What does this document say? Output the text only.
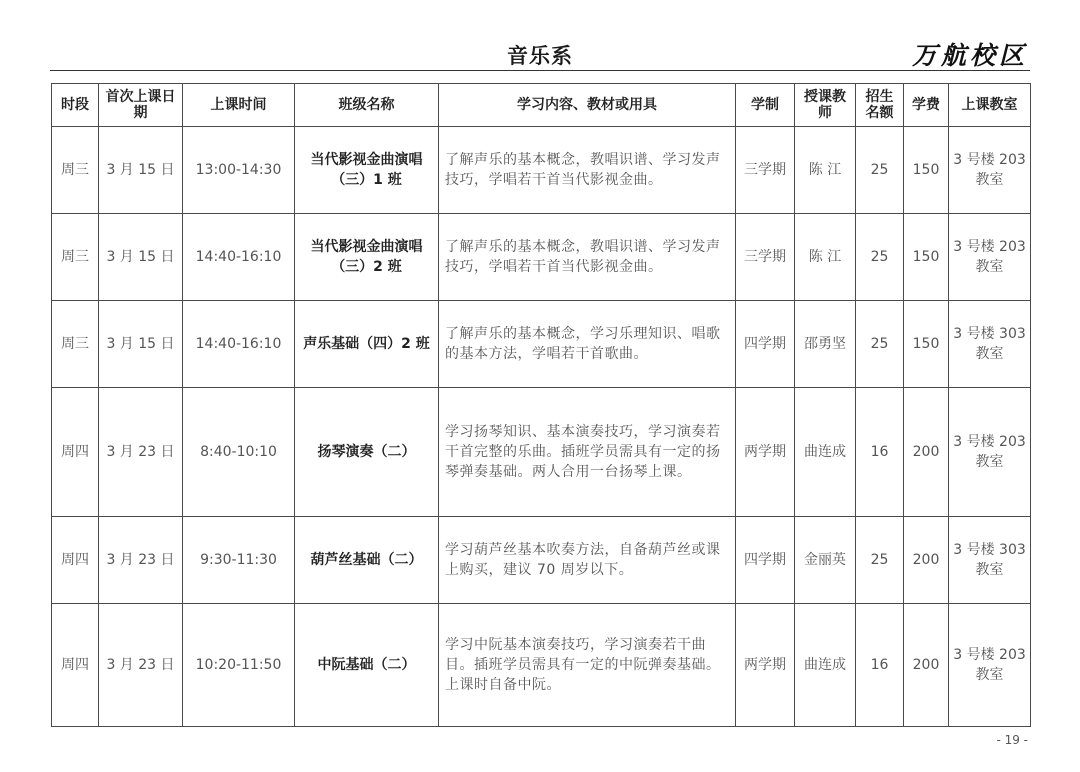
音乐系	万航校区
时段	首次上课日期	上课时间	班级名称	学习内容、教材或用具	学制	授课教师	招生名额	学费	上课教室
周三	3 月 15 日	13:00-14:30	当代影视金曲演唱（三）1 班	了解声乐的基本概念，教唱识谱、学习发声技巧，学唱若干首当代影视金曲。	三学期	陈 江	25	150	3 号楼 203 教室
周三	3 月 15 日	14:40-16:10	当代影视金曲演唱（三）2 班	了解声乐的基本概念，教唱识谱、学习发声技巧，学唱若干首当代影视金曲。	三学期	陈 江	25	150	3 号楼 203 教室
周三	3 月 15 日	14:40-16:10	声乐基础（四）2 班	了解声乐的基本概念，学习乐理知识、唱歌的基本方法，学唱若干首歌曲。	四学期	邵勇坚	25	150	3 号楼 303 教室
周四	3 月 23 日	8:40-10:10	扬琴演奏（二）	学习扬琴知识、基本演奏技巧，学习演奏若干首完整的乐曲。插班学员需具有一定的扬琴弹奏基础。两人合用一台扬琴上课。	两学期	曲连成	16	200	3 号楼 203 教室
周四	3 月 23 日	9:30-11:30	葫芦丝基础（二）	学习葫芦丝基本吹奏方法，自备葫芦丝或课上购买，建议 70 周岁以下。	四学期	金丽英	25	200	3 号楼 303 教室
周四	3 月 23 日	10:20-11:50	中阮基础（二）	学习中阮基本演奏技巧，学习演奏若干曲目。插班学员需具有一定的中阮弹奏基础。上课时自备中阮。	两学期	曲连成	16	200	3 号楼 203 教室
- 19 -
